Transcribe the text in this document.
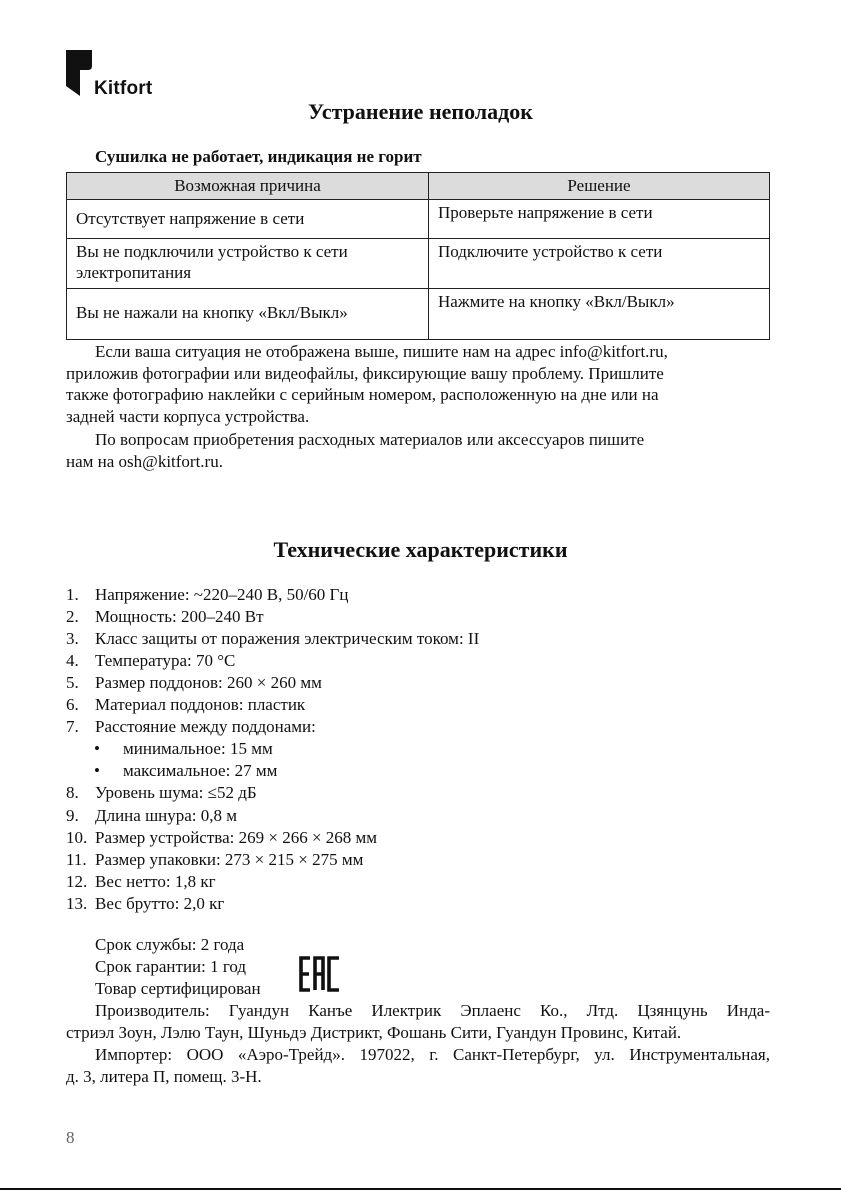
Kitfort
Устранение неполадок
Сушилка не работает, индикация не горит
Возможная причина	Решение
Отсутствует напряжение в сети	Проверьте напряжение в сети
Вы не подключили устройство к сети
электропитания	Подключите устройство к сети
Вы не нажали на кнопку «Вкл/Выкл»	Нажмите на кнопку «Вкл/Выкл»
Если ваша ситуация не отображена выше, пишите нам на адрес info@kitfort.ru,
приложив фотографии или видеофайлы, фиксирующие вашу проблему. Пришлите
также фотографию наклейки с серийным номером, расположенную на дне или на
задней части корпуса устройства.
По вопросам приобретения расходных материалов или аксессуаров пишите
нам на osh@kitfort.ru.
Технические характеристики
1. Напряжение: ~220–240 В, 50/60 Гц
2. Мощность: 200–240 Вт
3. Класс защиты от поражения электрическим током: II
4. Температура: 70 °C
5. Размер поддонов: 260 × 260 мм
6. Материал поддонов: пластик
7. Расстояние между поддонами:
• минимальное: 15 мм
• максимальное: 27 мм
8. Уровень шума: ≤52 дБ
9. Длина шнура: 0,8 м
10. Размер устройства: 269 × 266 × 268 мм
11. Размер упаковки: 273 × 215 × 275 мм
12. Вес нетто: 1,8 кг
13. Вес брутто: 2,0 кг
Срок службы: 2 года
Срок гарантии: 1 год
Товар сертифицирован
Производитель: Гуандун Канъе Илектрик Эплаенс Ко., Лтд. Цзянцунь Инда-
стриэл Зоун, Лэлю Таун, Шуньдэ Дистрикт, Фошань Сити, Гуандун Провинс, Китай.
Импортер: ООО «Аэро-Трейд». 197022, г. Санкт-Петербург, ул. Инструментальная,
д. 3, литера П, помещ. 3-Н.
8
